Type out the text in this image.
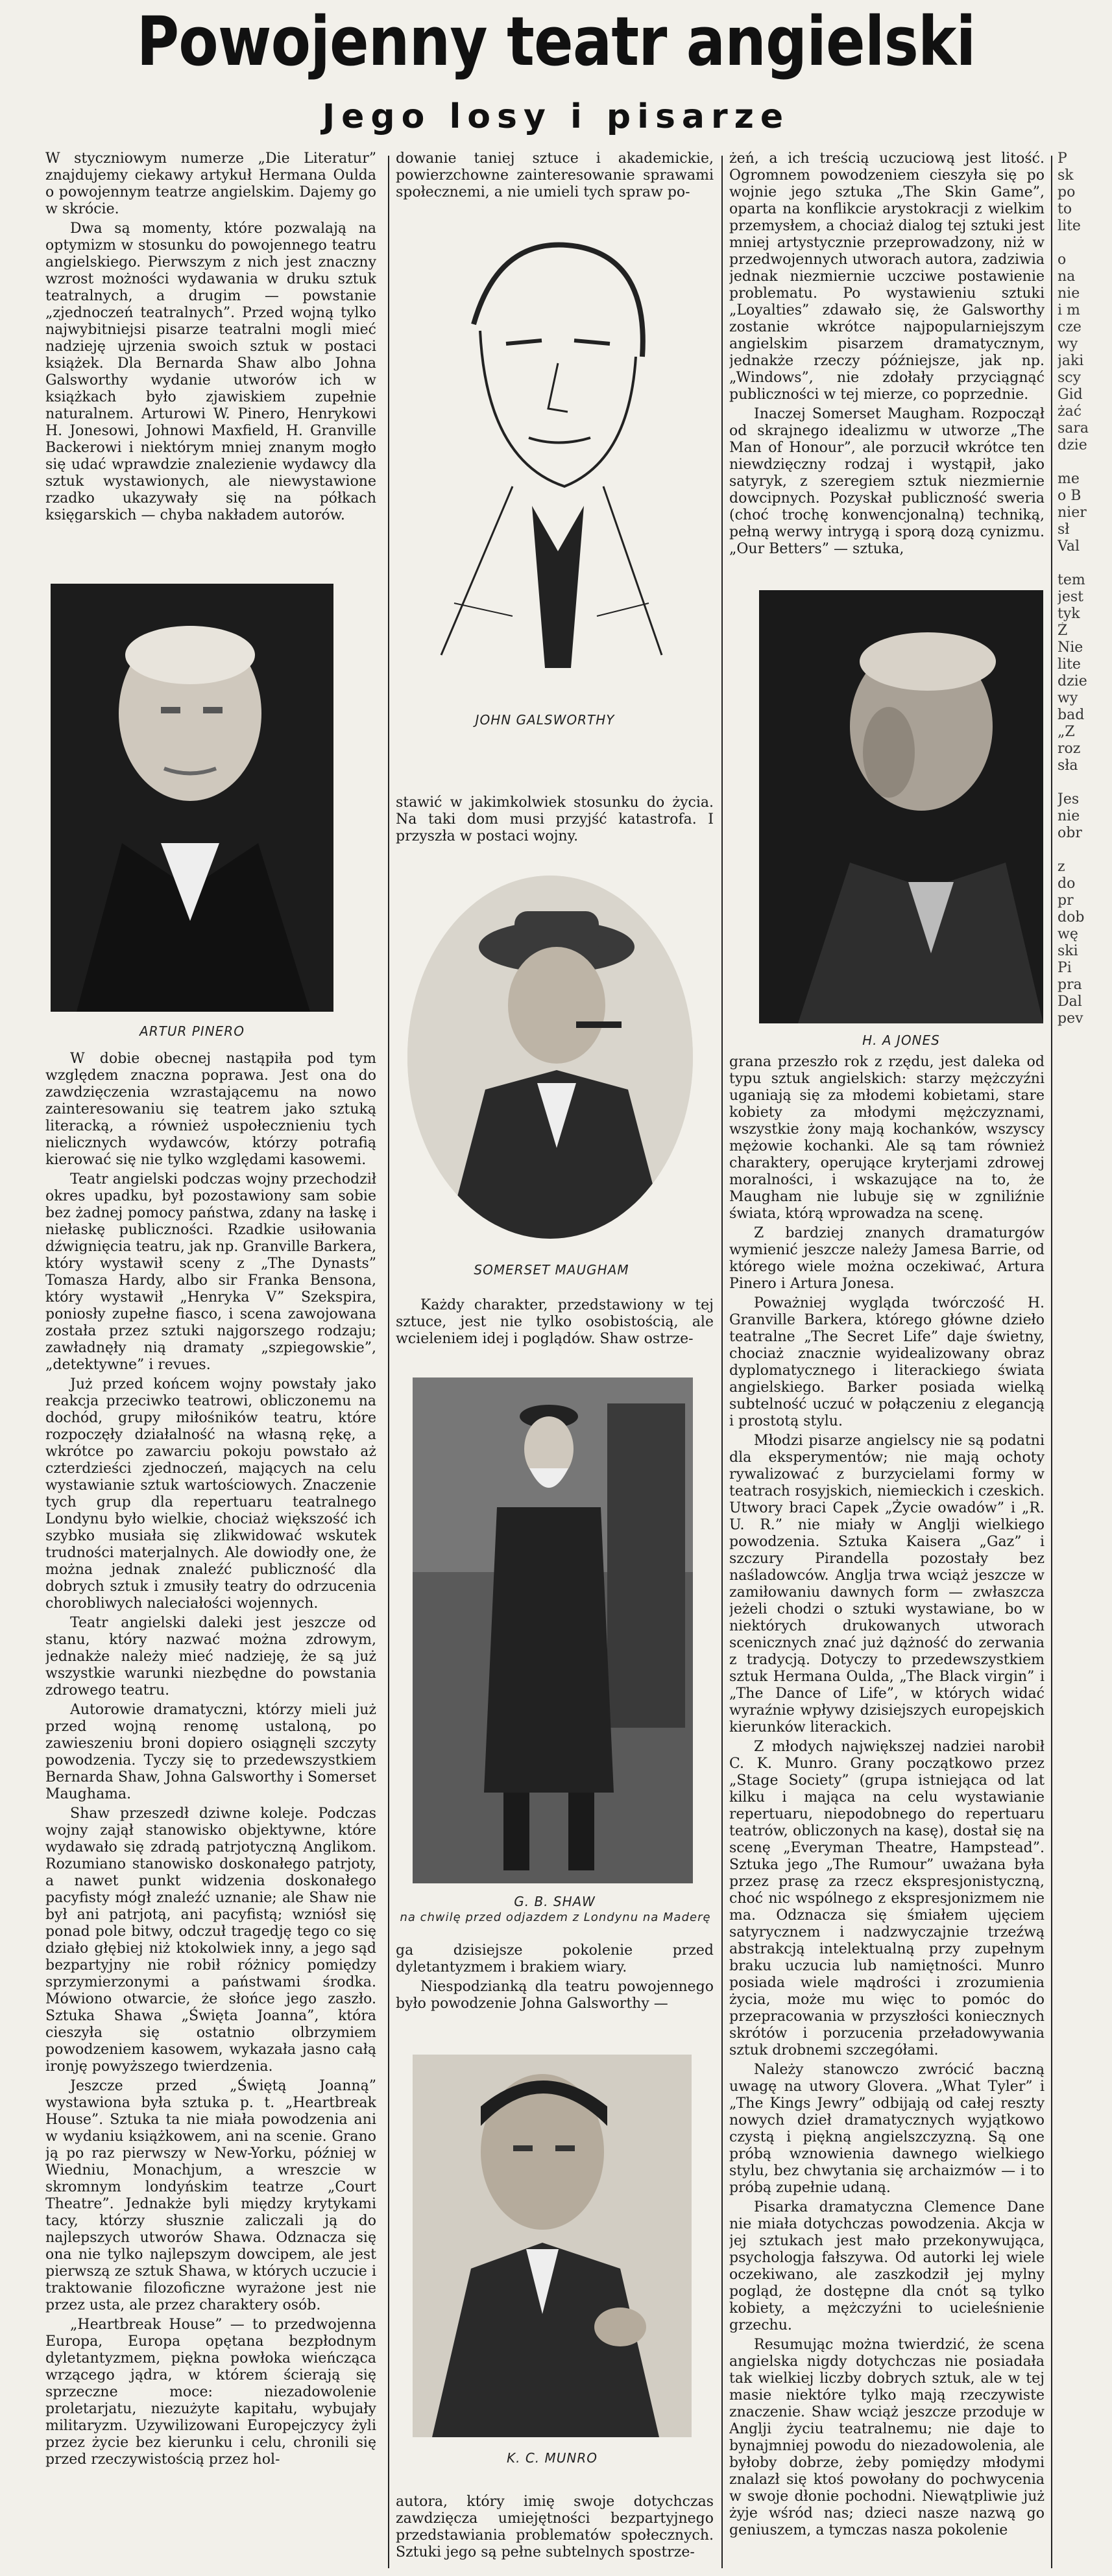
Powojenny teatr angielski
Jego losy i pisarze

W styczniowym numerze „Die Literatur” znajdujemy ciekawy artykuł Hermana Oulda o powojennym teatrze angielskim. Dajemy go w skrócie.

Dwa są momenty, które pozwalają na optymizm w stosunku do powojennego teatru angielskiego. Pierwszym z nich jest znaczny wzrost możności wydawania w druku sztuk teatralnych, a drugim — powstanie „zjednoczeń teatralnych”. Przed wojną tylko najwybitniejsi pisarze teatralni mogli mieć nadzieję ujrzenia swoich sztuk w postaci książek. Dla Bernarda Shaw albo Johna Galsworthy wydanie utworów ich w książkach było zjawiskiem zupełnie naturalnem. Arturowi W. Pinero, Henrykowi H. Jonesowi, Johnowi Maxfield, H. Granville Backerowi i niektórym mniej znanym mogło się udać wprawdzie znalezienie wydawcy dla sztuk wystawionych, ale niewystawione rzadko ukazywały się na półkach księgarskich — chyba nakładem autorów.

ARTUR PINERO

W dobie obecnej nastąpiła pod tym względem znaczna poprawa. Jest ona do zawdzięczenia wzrastającemu na nowo zainteresowaniu się teatrem jako sztuką literacką, a również uspołecznieniu tych nielicznych wydawców, którzy potrafią kierować się nie tylko względami kasowemi.

Teatr angielski podczas wojny przechodził okres upadku, był pozostawiony sam sobie bez żadnej pomocy państwa, zdany na łaskę i niełaskę publiczności. Rzadkie usiłowania dźwignięcia teatru, jak np. Granville Barkera, który wystawił sceny z „The Dynasts” Tomasza Hardy, albo sir Franka Bensona, który wystawił „Henryka V” Szekspira, poniosły zupełne fiasco, i scena zawojowana została przez sztuki najgorszego rodzaju; zawładnęły nią dramaty „szpiegowskie”, „detektywne” i revues.

Już przed końcem wojny powstały jako reakcja przeciwko teatrowi, obliczonemu na dochód, grupy miłośników teatru, które rozpoczęły działalność na własną rękę, a wkrótce po zawarciu pokoju powstało aż czterdzieści zjednoczeń, mających na celu wystawianie sztuk wartościowych. Znaczenie tych grup dla repertuaru teatralnego Londynu było wielkie, chociaż większość ich szybko musiała się zlikwidować wskutek trudności materjalnych. Ale dowiodły one, że można jednak znaleźć publiczność dla dobrych sztuk i zmusiły teatry do odrzucenia chorobliwych naleciałości wojennych.

Teatr angielski daleki jest jeszcze od stanu, który nazwać można zdrowym, jednakże należy mieć nadzieję, że są już wszystkie warunki niezbędne do powstania zdrowego teatru.

Autorowie dramatyczni, którzy mieli już przed wojną renomę ustaloną, po zawieszeniu broni dopiero osiągnęli szczyty powodzenia. Tyczy się to przedewszystkiem Bernarda Shaw, Johna Galsworthy i Somerset Maughama.

Shaw przeszedł dziwne koleje. Podczas wojny zajął stanowisko objektywne, które wydawało się zdradą patrjotyczną Anglikom. Rozumiano stanowisko doskonałego patrjoty, a nawet punkt widzenia doskonałego pacyfisty mógł znaleźć uznanie; ale Shaw nie był ani patrjotą, ani pacyfistą; wzniósł się ponad pole bitwy, odczuł tragedję tego co się działo głębiej niż ktokolwiek inny, a jego sąd bezpartyjny nie robił różnicy pomiędzy sprzymierzonymi a państwami środka. Mówiono otwarcie, że słońce jego zaszło. Sztuka Shawa „Święta Joanna”, która cieszyła się ostatnio olbrzymiem powodzeniem kasowem, wykazała jasno całą ironję powyższego twierdzenia.

Jeszcze przed „Świętą Joanną” wystawiona była sztuka p. t. „Heartbreak House”. Sztuka ta nie miała powodzenia ani w wydaniu książkowem, ani na scenie. Grano ją po raz pierwszy w New-Yorku, później w Wiedniu, Monachjum, a wreszcie w skromnym londyńskim teatrze „Court Theatre”. Jednakże byli między krytykami tacy, którzy słusznie zaliczali ją do najlepszych utworów Shawa. Odznacza się ona nie tylko najlepszym dowcipem, ale jest pierwszą ze sztuk Shawa, w których uczucie i traktowanie filozoficzne wyrażone jest nie przez usta, ale przez charaktery osób.

„Heartbreak House” — to przedwojenna Europa, Europa opętana bezpłodnym dyletantyzmem, piękna powłoka wieńcząca wrzącego jądra, w którem ścierają się sprzeczne moce: niezadowolenie proletarjatu, niezużyte kapitału, wybujały militaryzm. Uzywilizowani Europejczycy żyli przez życie bez kierunku i celu, chronili się przed rzeczywistością przez hol-

dowanie taniej sztuce i akademickie, powierzchowne zainteresowanie sprawami społecznemi, a nie umieli tych spraw po-

JOHN GALSWORTHY

stawić w jakimkolwiek stosunku do życia. Na taki dom musi przyjść katastrofa. I przyszła w postaci wojny.

SOMERSET MAUGHAM

Każdy charakter, przedstawiony w tej sztuce, jest nie tylko osobistością, ale wcieleniem idej i poglądów. Shaw ostrze-

G. B. SHAW
na chwilę przed odjazdem z Londynu na Maderę

ga dzisiejsze pokolenie przed dyletantyzmem i brakiem wiary.

Niespodzianką dla teatru powojennego było powodzenie Johna Galsworthy —

K. C. MUNRO

autora, który imię swoje dotychczas zawdzięcza umiejętności bezpartyjnego przedstawiania problematów społecznych. Sztuki jego są pełne subtelnych spostrze-

żeń, a ich treścią uczuciową jest litość. Ogromnem powodzeniem cieszyła się po wojnie jego sztuka „The Skin Game”, oparta na konflikcie arystokracji z wielkim przemysłem, a chociaż dialog tej sztuki jest mniej artystycznie przeprowadzony, niż w przedwojennych utworach autora, zadziwia jednak niezmiernie uczciwe postawienie problematu. Po wystawieniu sztuki „Loyalties” zdawało się, że Galsworthy zostanie wkrótce najpopularniejszym angielskim pisarzem dramatycznym, jednakże rzeczy późniejsze, jak np. „Windows”, nie zdołały przyciągnąć publiczności w tej mierze, co poprzednie.

Inaczej Somerset Maugham. Rozpoczął od skrajnego idealizmu w utworze „The Man of Honour”, ale porzucił wkrótce ten niewdzięczny rodzaj i wystąpił, jako satyryk, z szeregiem sztuk niezmiernie dowcipnych. Pozyskał publiczność sweria (choć trochę konwencjonalną) techniką, pełną werwy intrygą i sporą dozą cynizmu. „Our Betters” — sztuka,

H. A JONES

grana przeszło rok z rzędu, jest daleka od typu sztuk angielskich: starzy mężczyźni uganiają się za młodemi kobietami, stare kobiety za młodymi mężczyznami, wszystkie żony mają kochanków, wszyscy mężowie kochanki. Ale są tam również charaktery, operujące kryterjami zdrowej moralności, i wskazujące na to, że Maugham nie lubuje się w zgniliźnie świata, którą wprowadza na scenę.

Z bardziej znanych dramaturgów wymienić jeszcze należy Jamesa Barrie, od którego wiele można oczekiwać, Artura Pinero i Artura Jonesa.

Poważniej wygląda twórczość H. Granville Barkera, którego główne dzieło teatralne „The Secret Life” daje świetny, chociaż znacznie wyidealizowany obraz dyplomatycznego i literackiego świata angielskiego. Barker posiada wielką subtelność uczuć w połączeniu z elegancją i prostotą stylu.

Młodzi pisarze angielscy nie są podatni dla eksperymentów; nie mają ochoty rywalizować z burzycielami formy w teatrach rosyjskich, niemieckich i czeskich. Utwory braci Capek „Życie owadów” i „R. U. R.” nie miały w Anglji wielkiego powodzenia. Sztuka Kaisera „Gaz” i szczury Pirandella pozostały bez naśladowców. Anglja trwa wciąż jeszcze w zamiłowaniu dawnych form — zwłaszcza jeżeli chodzi o sztuki wystawiane, bo w niektórych drukowanych utworach scenicznych znać już dążność do zerwania z tradycją. Dotyczy to przedewszystkiem sztuk Hermana Oulda, „The Black virgin” i „The Dance of Life”, w których widać wyraźnie wpływy dzisiejszych europejskich kierunków literackich.

Z młodych największej nadziei narobił C. K. Munro. Grany początkowo przez „Stage Society” (grupa istniejąca od lat kilku i mająca na celu wystawianie repertuaru, niepodobnego do repertuaru teatrów, obliczonych na kasę), dostał się na scenę „Everyman Theatre, Hampstead”. Sztuka jego „The Rumour” uważana była przez prasę za rzecz ekspresjonistyczną, choć nic wspólnego z ekspresjonizmem nie ma. Odznacza się śmiałem ujęciem satyrycznem i nadzwyczajnie trzeźwą abstrakcją intelektualną przy zupełnym braku uczucia lub namiętności. Munro posiada wiele mądrości i zrozumienia życia, może mu więc to pomóc do przepracowania w przyszłości koniecznych skrótów i porzucenia przeładowywania sztuk drobnemi szczegółami.

Należy stanowczo zwrócić baczną uwagę na utwory Glovera. „What Tyler” i „The Kings Jewry” odbijają od całej reszty nowych dzieł dramatycznych wyjątkowo czystą i piękną angielszczyzną. Są one próbą wznowienia dawnego wielkiego stylu, bez chwytania się archaizmów — i to próbą zupełnie udaną.

Pisarka dramatyczna Clemence Dane nie miała dotychczas powodzenia. Akcja w jej sztukach jest mało przekonywująca, psychologja fałszywa. Od autorki lej wiele oczekiwano, ale zaszkodził jej mylny pogląd, że dostępne dla cnót są tylko kobiety, a mężczyźni to ucieleśnienie grzechu.

Resumując można twierdzić, że scena angielska nigdy dotychczas nie posiadała tak wielkiej liczby dobrych sztuk, ale w tej masie niektóre tylko mają rzeczywiste znaczenie. Shaw wciąż jeszcze przoduje w Anglji życiu teatralnemu; nie daje to bynajmniej powodu do niezadowolenia, ale byłoby dobrze, żeby pomiędzy młodymi znalazł się ktoś powołany do pochwycenia w swoje dłonie pochodni. Niewątpliwie już żyje wśród nas; dzieci nasze nazwą go geniuszem, a tymczas nasza pokolenie

P
sk
po
to
lite

o
na
nie
i m
cze
wy
jaki
scy
Gid
żać
sara
dzie

me
o B
nier
sł
Val

tem
jest
tyk
Ż
Nie
lite
dzie
wy
bad
„Z
roz
sła

Jes
nie
obr

z
do
pr
dob
wę
ski
Pi
pra
Dal
pev
